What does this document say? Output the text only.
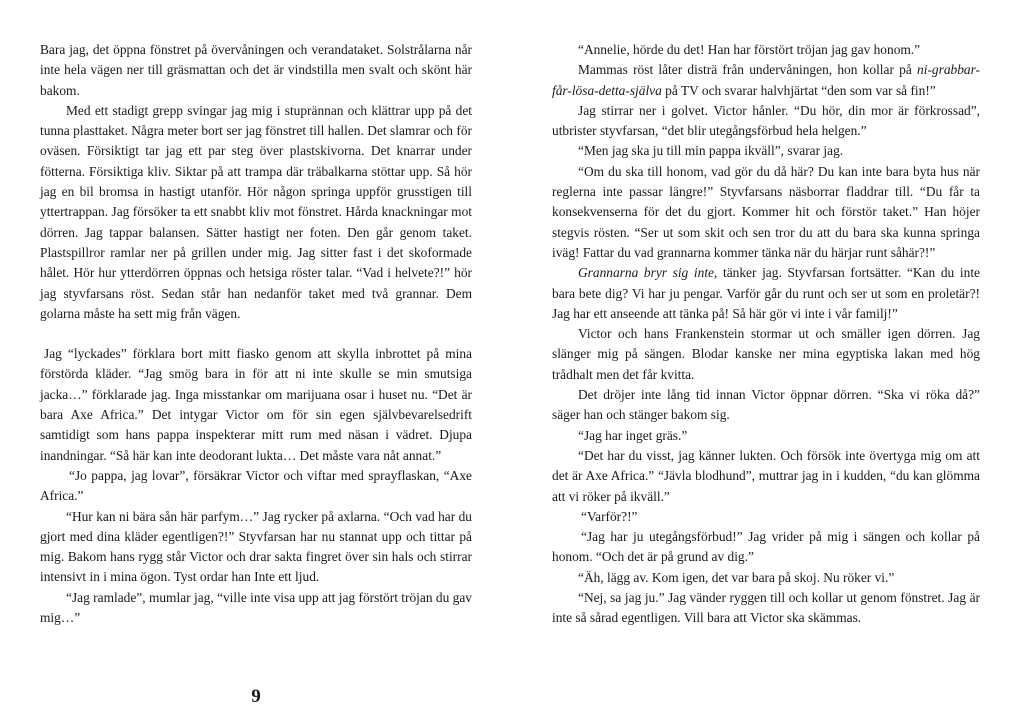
Bara jag, det öppna fönstret på övervåningen och verandataket. Solstrålarna når inte hela vägen ner till gräsmattan och det är vindstilla men svalt och skönt här bakom.

Med ett stadigt grepp svingar jag mig i stuprännan och klättrar upp på det tunna plasttaket. Några meter bort ser jag fönstret till hallen. Det slamrar och för oväsen. Försiktigt tar jag ett par steg över plastskivorna. Det knarrar under fötterna. Försiktiga kliv. Siktar på att trampa där träbalkarna stöttar upp. Så hör jag en bil bromsa in hastigt utanför. Hör någon springa uppför grusstigen till yttertrappan. Jag försöker ta ett snabbt kliv mot fönstret. Hårda knackningar mot dörren. Jag tappar balansen. Sätter hastigt ner foten. Den går genom taket. Plastspillror ramlar ner på grillen under mig. Jag sitter fast i det skoformade hålet. Hör hur ytterdörren öppnas och hetsiga röster talar. “Vad i helvete?!” hör jag styvfarsans röst. Sedan står han nedanför taket med två grannar. Dem golarna måste ha sett mig från vägen.

Jag “lyckades” förklara bort mitt fiasko genom att skylla inbrottet på mina förstörda kläder. “Jag smög bara in för att ni inte skulle se min smutsiga jacka…” förklarade jag. Inga misstankar om marijuana osar i huset nu. “Det är bara Axe Africa.” Det intygar Victor om för sin egen självbevarelsedrift samtidigt som hans pappa inspekterar mitt rum med näsan i vädret. Djupa inandningar. “Så här kan inte deodorant lukta… Det måste vara nåt annat.”

“Jo pappa, jag lovar”, försäkrar Victor och viftar med sprayflaskan, “Axe Africa.”

“Hur kan ni bära sån här parfym…” Jag rycker på axlarna. “Och vad har du gjort med dina kläder egentligen?!” Styvfarsan har nu stannat upp och tittar på mig. Bakom hans rygg står Victor och drar sakta fingret över sin hals och stirrar intensivt in i mina ögon. Tyst ordar han Inte ett ljud.

“Jag ramlade”, mumlar jag, “ville inte visa upp att jag förstört tröjan du gav mig…”

“Annelie, hörde du det! Han har förstört tröjan jag gav honom.”

Mammas röst låter disträ från undervåningen, hon kollar på ni-grabbar-får-lösa-detta-själva på TV och svarar halvhjärtat “den som var så fin!”

Jag stirrar ner i golvet. Victor hånler. “Du hör, din mor är förkrossad”, utbrister styvfarsan, “det blir utegångsförbud hela helgen.”

“Men jag ska ju till min pappa ikväll”, svarar jag.

“Om du ska till honom, vad gör du då här? Du kan inte bara byta hus när reglerna inte passar längre!” Styvfarsans näsborrar fladdrar till. “Du får ta konsekvenserna för det du gjort. Kommer hit och förstör taket.” Han höjer stegvis rösten. “Ser ut som skit och sen tror du att du bara ska kunna springa iväg! Fattar du vad grannarna kommer tänka när du härjar runt såhär?!”

Grannarna bryr sig inte, tänker jag. Styvfarsan fortsätter. “Kan du inte bara bete dig? Vi har ju pengar. Varför går du runt och ser ut som en proletär?! Jag har ett anseende att tänka på! Så här gör vi inte i vår familj!”

Victor och hans Frankenstein stormar ut och smäller igen dörren. Jag slänger mig på sängen. Blodar kanske ner mina egyptiska lakan med hög trådhalt men det får kvitta.

Det dröjer inte lång tid innan Victor öppnar dörren. “Ska vi röka då?” säger han och stänger bakom sig.

“Jag har inget gräs.”

“Det har du visst, jag känner lukten. Och försök inte övertyga mig om att det är Axe Africa.” “Jävla blodhund”, muttrar jag in i kudden, “du kan glömma att vi röker på ikväll.”

“Varför?!”

“Jag har ju utegångsförbud!” Jag vrider på mig i sängen och kollar på honom. “Och det är på grund av dig.”

“Äh, lägg av. Kom igen, det var bara på skoj. Nu röker vi.”

“Nej, sa jag ju.” Jag vänder ryggen till och kollar ut genom fönstret. Jag är inte så sårad egentligen. Vill bara att Victor ska skämmas.

9
